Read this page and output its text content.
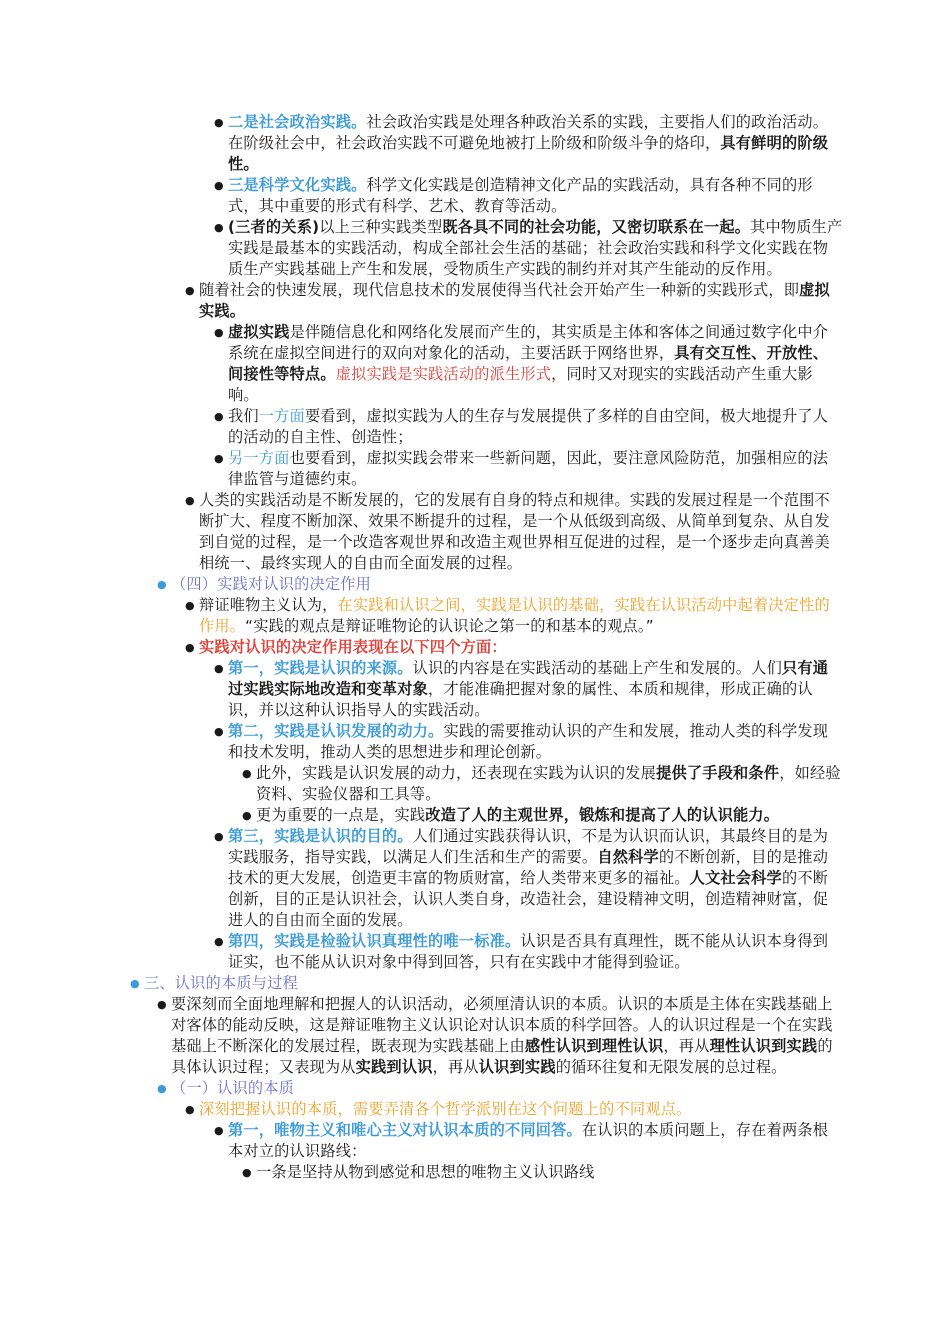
● 二是社会政治实践。社会政治实践是处理各种政治关系的实践，主要指人们的政治活动。在阶级社会中，社会政治实践不可避免地被打上阶级和阶级斗争的烙印，具有鲜明的阶级性。
● 三是科学文化实践。科学文化实践是创造精神文化产品的实践活动，具有各种不同的形式，其中重要的形式有科学、艺术、教育等活动。
● (三者的关系)以上三种实践类型既各具不同的社会功能，又密切联系在一起。其中物质生产实践是最基本的实践活动，构成全部社会生活的基础；社会政治实践和科学文化实践在物质生产实践基础上产生和发展，受物质生产实践的制约并对其产生能动的反作用。
● 随着社会的快速发展，现代信息技术的发展使得当代社会开始产生一种新的实践形式，即虚拟实践。
● 虚拟实践是伴随信息化和网络化发展而产生的，其实质是主体和客体之间通过数字化中介系统在虚拟空间进行的双向对象化的活动，主要活跃于网络世界，具有交互性、开放性、间接性等特点。虚拟实践是实践活动的派生形式，同时又对现实的实践活动产生重大影响。
● 我们一方面要看到，虚拟实践为人的生存与发展提供了多样的自由空间，极大地提升了人的活动的自主性、创造性；
● 另一方面也要看到，虚拟实践会带来一些新问题，因此，要注意风险防范，加强相应的法律监管与道德约束。
● 人类的实践活动是不断发展的，它的发展有自身的特点和规律。实践的发展过程是一个范围不断扩大、程度不断加深、效果不断提升的过程，是一个从低级到高级、从简单到复杂、从自发到自觉的过程，是一个改造客观世界和改造主观世界相互促进的过程，是一个逐步走向真善美相统一、最终实现人的自由而全面发展的过程。
● （四）实践对认识的决定作用
● 辩证唯物主义认为，在实践和认识之间，实践是认识的基础，实践在认识活动中起着决定性的作用。“实践的观点是辩证唯物论的认识论之第一的和基本的观点。”
● 实践对认识的决定作用表现在以下四个方面：
● 第一，实践是认识的来源。认识的内容是在实践活动的基础上产生和发展的。人们只有通过实践实际地改造和变革对象，才能准确把握对象的属性、本质和规律，形成正确的认识，并以这种认识指导人的实践活动。
● 第二，实践是认识发展的动力。实践的需要推动认识的产生和发展，推动人类的科学发现和技术发明，推动人类的思想进步和理论创新。
● 此外，实践是认识发展的动力，还表现在实践为认识的发展提供了手段和条件，如经验资料、实验仪器和工具等。
● 更为重要的一点是，实践改造了人的主观世界，锻炼和提高了人的认识能力。
● 第三，实践是认识的目的。人们通过实践获得认识，不是为认识而认识，其最终目的是为实践服务，指导实践，以满足人们生活和生产的需要。自然科学的不断创新，目的是推动技术的更大发展，创造更丰富的物质财富，给人类带来更多的福祉。人文社会科学的不断创新，目的正是认识社会，认识人类自身，改造社会，建设精神文明，创造精神财富，促进人的自由而全面的发展。
● 第四，实践是检验认识真理性的唯一标准。认识是否具有真理性，既不能从认识本身得到证实，也不能从认识对象中得到回答，只有在实践中才能得到验证。
● 三、认识的本质与过程
● 要深刻而全面地理解和把握人的认识活动，必须厘清认识的本质。认识的本质是主体在实践基础上对客体的能动反映，这是辩证唯物主义认识论对认识本质的科学回答。人的认识过程是一个在实践基础上不断深化的发展过程，既表现为实践基础上由感性认识到理性认识，再从理性认识到实践的具体认识过程；又表现为从实践到认识，再从认识到实践的循环往复和无限发展的总过程。
● （一）认识的本质
● 深刻把握认识的本质，需要弄清各个哲学派别在这个问题上的不同观点。
● 第一，唯物主义和唯心主义对认识本质的不同回答。在认识的本质问题上，存在着两条根本对立的认识路线：
● 一条是坚持从物到感觉和思想的唯物主义认识路线
